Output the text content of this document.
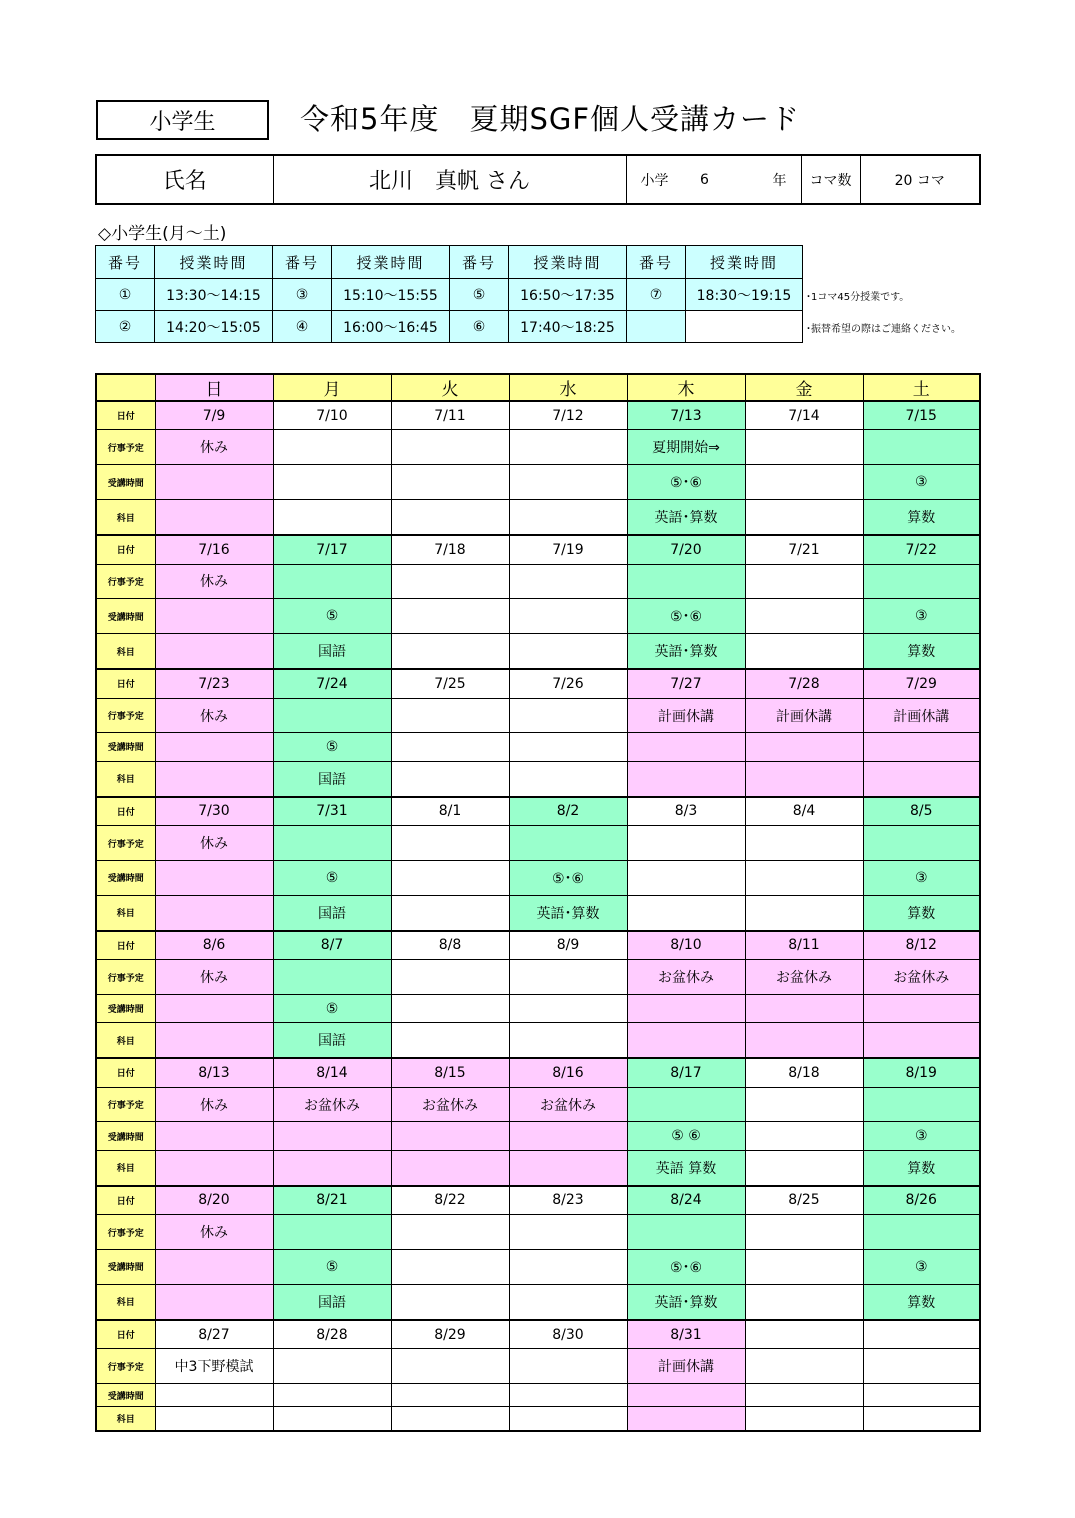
小学生	令和5年度　夏期SGF個人受講カード
氏名	北川　真帆 さん	小学	6	年	コマ数	20 コマ
◇小学生(月～土)
番号	授業時間	番号	授業時間	番号	授業時間	番号	授業時間
①	13:30～14:15	③	15:10～15:55	⑤	16:50～17:35	⑦	18:30～19:15
②	14:20～15:05	④	16:00～16:45	⑥	17:40～18:25		
･1コマ45分授業です。
･振替希望の際はご連絡ください。
	日	月	火	水	木	金	土
日付	7/9	7/10	7/11	7/12	7/13	7/14	7/15
行事予定	休み				夏期開始⇒		
受講時間					⑤･⑥		③
科目					英語･算数		算数
日付	7/16	7/17	7/18	7/19	7/20	7/21	7/22
行事予定	休み						
受講時間		⑤			⑤･⑥		③
科目		国語			英語･算数		算数
日付	7/23	7/24	7/25	7/26	7/27	7/28	7/29
行事予定	休み				計画休講	計画休講	計画休講
受講時間		⑤					
科目		国語					
日付	7/30	7/31	8/1	8/2	8/3	8/4	8/5
行事予定	休み						
受講時間		⑤		⑤･⑥			③
科目		国語		英語･算数			算数
日付	8/6	8/7	8/8	8/9	8/10	8/11	8/12
行事予定	休み				お盆休み	お盆休み	お盆休み
受講時間		⑤					
科目		国語					
日付	8/13	8/14	8/15	8/16	8/17	8/18	8/19
行事予定	休み	お盆休み	お盆休み	お盆休み			
受講時間					⑤ ⑥		③
科目					英語 算数		算数
日付	8/20	8/21	8/22	8/23	8/24	8/25	8/26
行事予定	休み						
受講時間		⑤			⑤･⑥		③
科目		国語			英語･算数		算数
日付	8/27	8/28	8/29	8/30	8/31		
行事予定	中3下野模試				計画休講		
受講時間							
科目							
